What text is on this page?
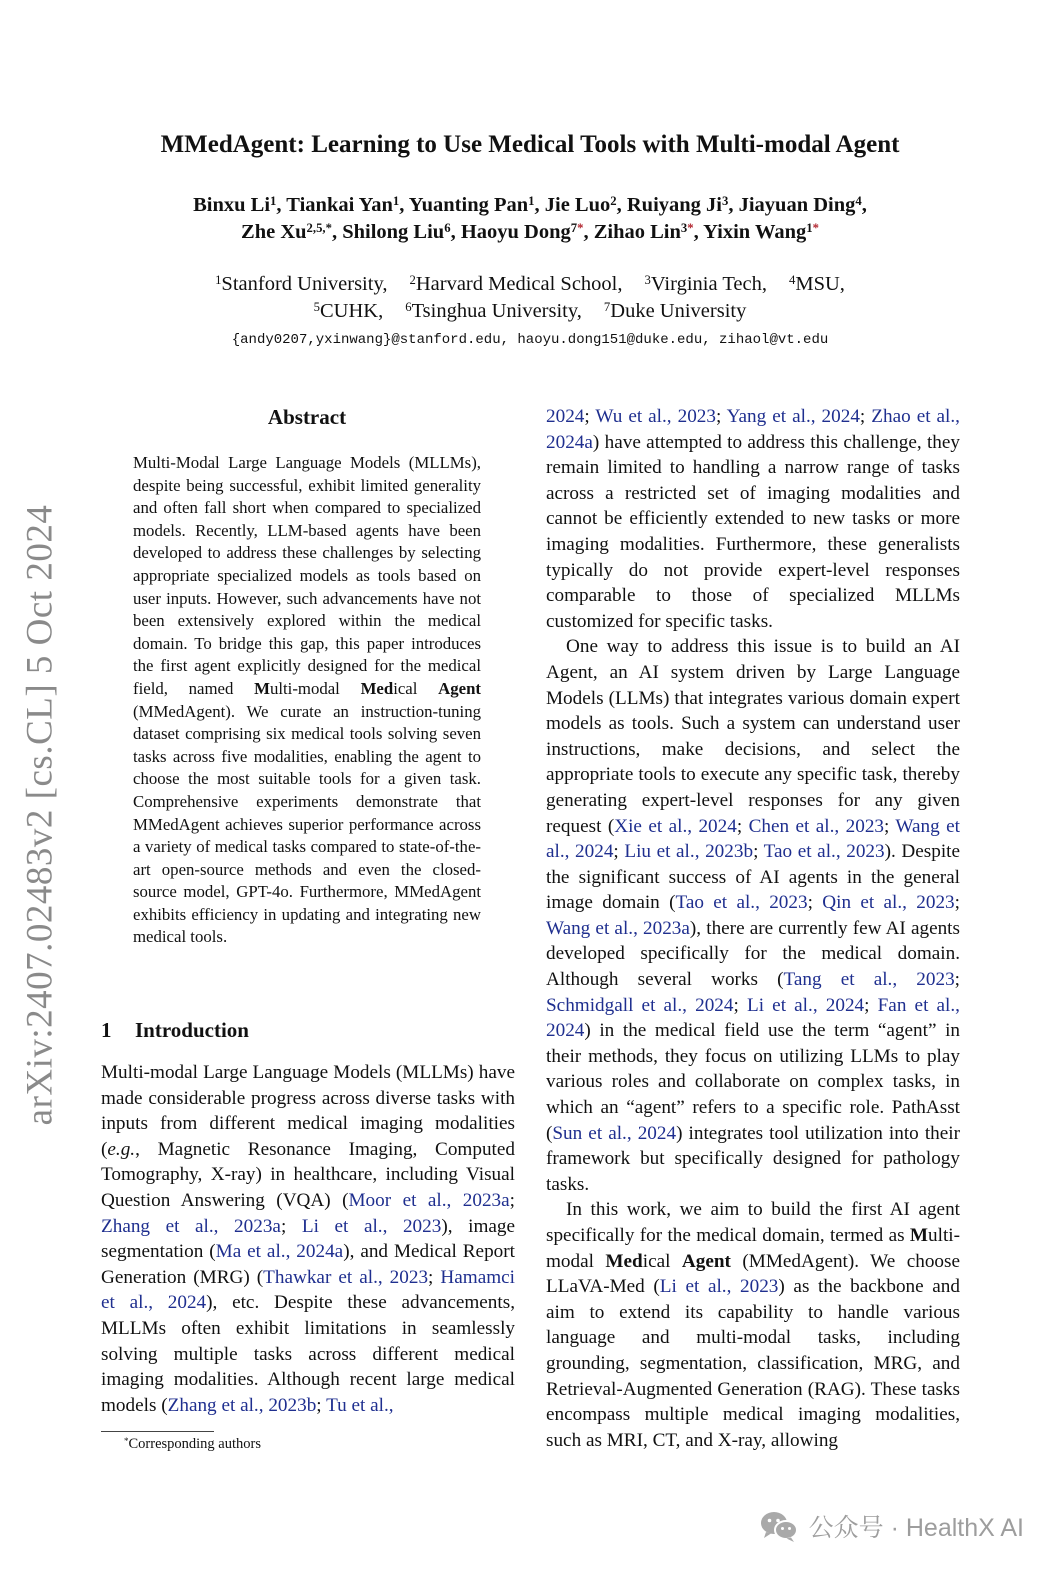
arXiv:2407.02483v2 [cs.CL] 5 Oct 2024
MMedAgent: Learning to Use Medical Tools with Multi-modal Agent
Binxu Li$^1$, Tiankai Yan$^1$, Yuanting Pan$^1$, Jie Luo$^2$, Ruiyang Ji$^3$, Jiayuan Ding$^4$,
Zhe $Xu^{2,5,*}$, Shilong Liu$^6$, Haoyu Dong$^{7*}$, Zihao Lin$^{3*}$, Yixin Wang$^{1*}$
$^1$Stanford University, $^2$Harvard Medical School, $^3$Virginia Tech, $^4$MSU,
$^5$CUHK, $^6$Tsinghua University, $^7$Duke University
{andy0207,yxinwang}@stanford.edu, haoyu.dong151@duke.edu, zihaol@vt.edu
Abstract

Multi-Modal Large Language Models (MLLMs), despite being successful, exhibit limited generality and often fall short when compared to specialized models. Recently, LLM-based agents have been developed to address these challenges by selecting appropriate specialized models as tools based on user inputs. However, such advancements have not been extensively explored within the medical domain. To bridge this gap, this paper introduces the first agent explicitly designed for the medical field, named Multi-modal Medical Agent (MMedAgent). We curate an instruction-tuning dataset comprising six medical tools solving seven tasks across five modalities, enabling the agent to choose the most suitable tools for a given task. Comprehensive experiments demonstrate that MMedAgent achieves superior performance across a variety of medical tasks compared to state-of-the-art open-source methods and even the closed-source model, GPT-4o. Furthermore, MMedAgent exhibits efficiency in updating and integrating new medical tools.

1 Introduction

Multi-modal Large Language Models (MLLMs) have made considerable progress across diverse tasks with inputs from different medical imaging modalities (e.g., Magnetic Resonance Imaging, Computed Tomography, X-ray) in healthcare, including Visual Question Answering (VQA) (Moor et al., 2023a; Zhang et al., 2023a; Li et al., 2023), image segmentation (Ma et al., 2024a), and Medical Report Generation (MRG) (Thawkar et al., 2023; Hamamci et al., 2024), etc. Despite these advancements, MLLMs often exhibit limitations in seamlessly solving multiple tasks across different medical imaging modalities. Although recent large medical models (Zhang et al., 2023b; Tu et al.,

2024; Wu et al., 2023; Yang et al., 2024; Zhao et al., 2024a) have attempted to address this challenge, they remain limited to handling a narrow range of tasks across a restricted set of imaging modalities and cannot be efficiently extended to new tasks or more imaging modalities. Furthermore, these generalists typically do not provide expert-level responses comparable to those of specialized MLLMs customized for specific tasks.

One way to address this issue is to build an AI Agent, an AI system driven by Large Language Models (LLMs) that integrates various domain expert models as tools. Such a system can understand user instructions, make decisions, and select the appropriate tools to execute any specific task, thereby generating expert-level responses for any given request (Xie et al., 2024; Chen et al., 2023; Wang et al., 2024; Liu et al., 2023b; Tao et al., 2023). Despite the significant success of AI agents in the general image domain (Tao et al., 2023; Qin et al., 2023; Wang et al., 2023a), there are currently few AI agents developed specifically for the medical domain. Although several works (Tang et al., 2023; Schmidgall et al., 2024; Li et al., 2024; Fan et al., 2024) in the medical field use the term “agent” in their methods, they focus on utilizing LLMs to play various roles and collaborate on complex tasks, in which an “agent” refers to a specific role. PathAsst (Sun et al., 2024) integrates tool utilization into their framework but specifically designed for pathology tasks.

In this work, we aim to build the first AI agent specifically for the medical domain, termed as Multi-modal Medical Agent (MMedAgent). We choose LLaVA-Med (Li et al., 2023) as the backbone and aim to extend its capability to handle various language and multi-modal tasks, including grounding, segmentation, classification, MRG, and Retrieval-Augmented Generation (RAG). These tasks encompass multiple medical imaging modalities, such as MRI, CT, and X-ray, allowing

*Corresponding authors
公众号 · HealthX AI
